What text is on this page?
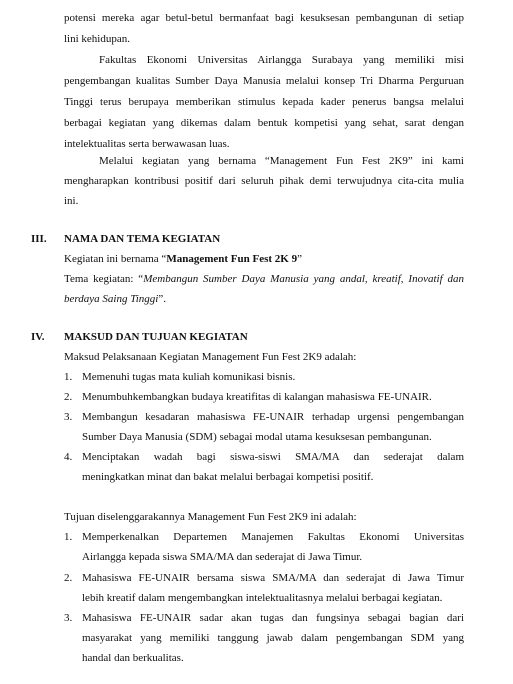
potensi mereka agar betul-betul bermanfaat bagi kesuksesan pembangunan di setiap
lini kehidupan.
Fakultas Ekonomi Universitas Airlangga Surabaya yang memiliki misi
pengembangan kualitas Sumber Daya Manusia melalui konsep Tri Dharma Perguruan
Tinggi terus berupaya memberikan stimulus kepada kader penerus bangsa melalui
berbagai kegiatan yang dikemas dalam bentuk kompetisi yang sehat, sarat dengan
intelektualitas serta berwawasan luas.
Melalui kegiatan yang bernama “Management Fun Fest 2K9” ini kami
mengharapkan kontribusi positif dari seluruh pihak demi terwujudnya cita-cita mulia
ini.
III. NAMA DAN TEMA KEGIATAN
Kegiatan ini bernama “Management Fun Fest 2K 9”
Tema kegiatan: “Membangun Sumber Daya Manusia yang andal, kreatif, Inovatif dan
berdaya Saing Tinggi”.
IV. MAKSUD DAN TUJUAN KEGIATAN
Maksud Pelaksanaan Kegiatan Management Fun Fest 2K9 adalah:
1. Memenuhi tugas mata kuliah komunikasi bisnis.
2. Menumbuhkembangkan budaya kreatifitas di kalangan mahasiswa FE-UNAIR.
3. Membangun kesadaran mahasiswa FE-UNAIR terhadap urgensi pengembangan
Sumber Daya Manusia (SDM) sebagai modal utama kesuksesan pembangunan.
4. Menciptakan wadah bagi siswa-siswi SMA/MA dan sederajat dalam
meningkatkan minat dan bakat melalui berbagai kompetisi positif.
Tujuan diselenggarakannya Management Fun Fest 2K9 ini adalah:
1. Memperkenalkan Departemen Manajemen Fakultas Ekonomi Universitas
Airlangga kepada siswa SMA/MA dan sederajat di Jawa Timur.
2. Mahasiswa FE-UNAIR bersama siswa SMA/MA dan sederajat di Jawa Timur
lebih kreatif dalam mengembangkan intelektualitasnya melalui berbagai kegiatan.
3. Mahasiswa FE-UNAIR sadar akan tugas dan fungsinya sebagai bagian dari
masyarakat yang memiliki tanggung jawab dalam pengembangan SDM yang
handal dan berkualitas.
